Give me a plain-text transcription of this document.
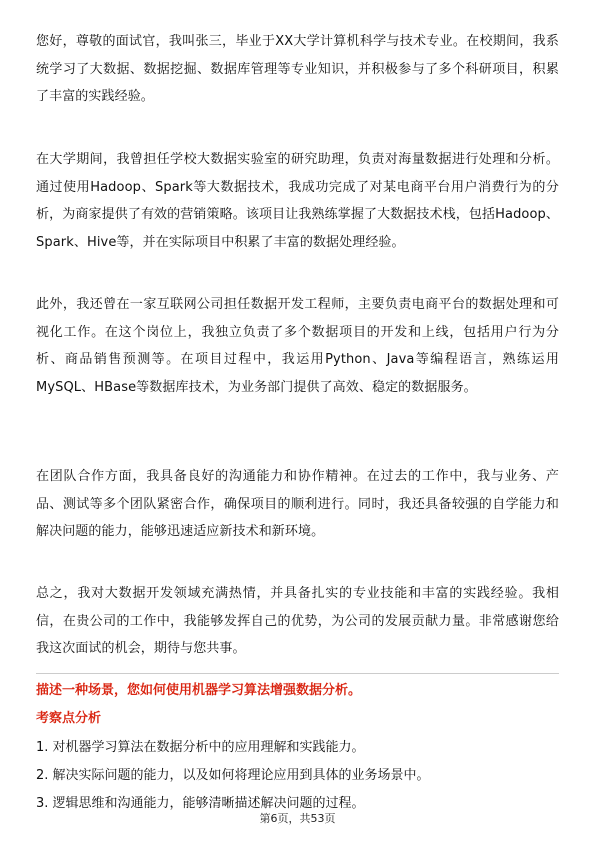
您好，尊敬的面试官，我叫张三，毕业于XX大学计算机科学与技术专业。在校期间，我系统学习了大数据、数据挖掘、数据库管理等专业知识，并积极参与了多个科研项目，积累了丰富的实践经验。

在大学期间，我曾担任学校大数据实验室的研究助理，负责对海量数据进行处理和分析。通过使用Hadoop、Spark等大数据技术，我成功完成了对某电商平台用户消费行为的分析，为商家提供了有效的营销策略。该项目让我熟练掌握了大数据技术栈，包括Hadoop、Spark、Hive等，并在实际项目中积累了丰富的数据处理经验。

此外，我还曾在一家互联网公司担任数据开发工程师，主要负责电商平台的数据处理和可视化工作。在这个岗位上，我独立负责了多个数据项目的开发和上线，包括用户行为分析、商品销售预测等。在项目过程中，我运用Python、Java等编程语言，熟练运用MySQL、HBase等数据库技术，为业务部门提供了高效、稳定的数据服务。

在团队合作方面，我具备良好的沟通能力和协作精神。在过去的工作中，我与业务、产品、测试等多个团队紧密合作，确保项目的顺利进行。同时，我还具备较强的自学能力和解决问题的能力，能够迅速适应新技术和新环境。

总之，我对大数据开发领域充满热情，并具备扎实的专业技能和丰富的实践经验。我相信，在贵公司的工作中，我能够发挥自己的优势，为公司的发展贡献力量。非常感谢您给我这次面试的机会，期待与您共事。

描述一种场景，您如何使用机器学习算法增强数据分析。
考察点分析
1. 对机器学习算法在数据分析中的应用理解和实践能力。
2. 解决实际问题的能力，以及如何将理论应用到具体的业务场景中。
3. 逻辑思维和沟通能力，能够清晰描述解决问题的过程。
第6页，共53页
